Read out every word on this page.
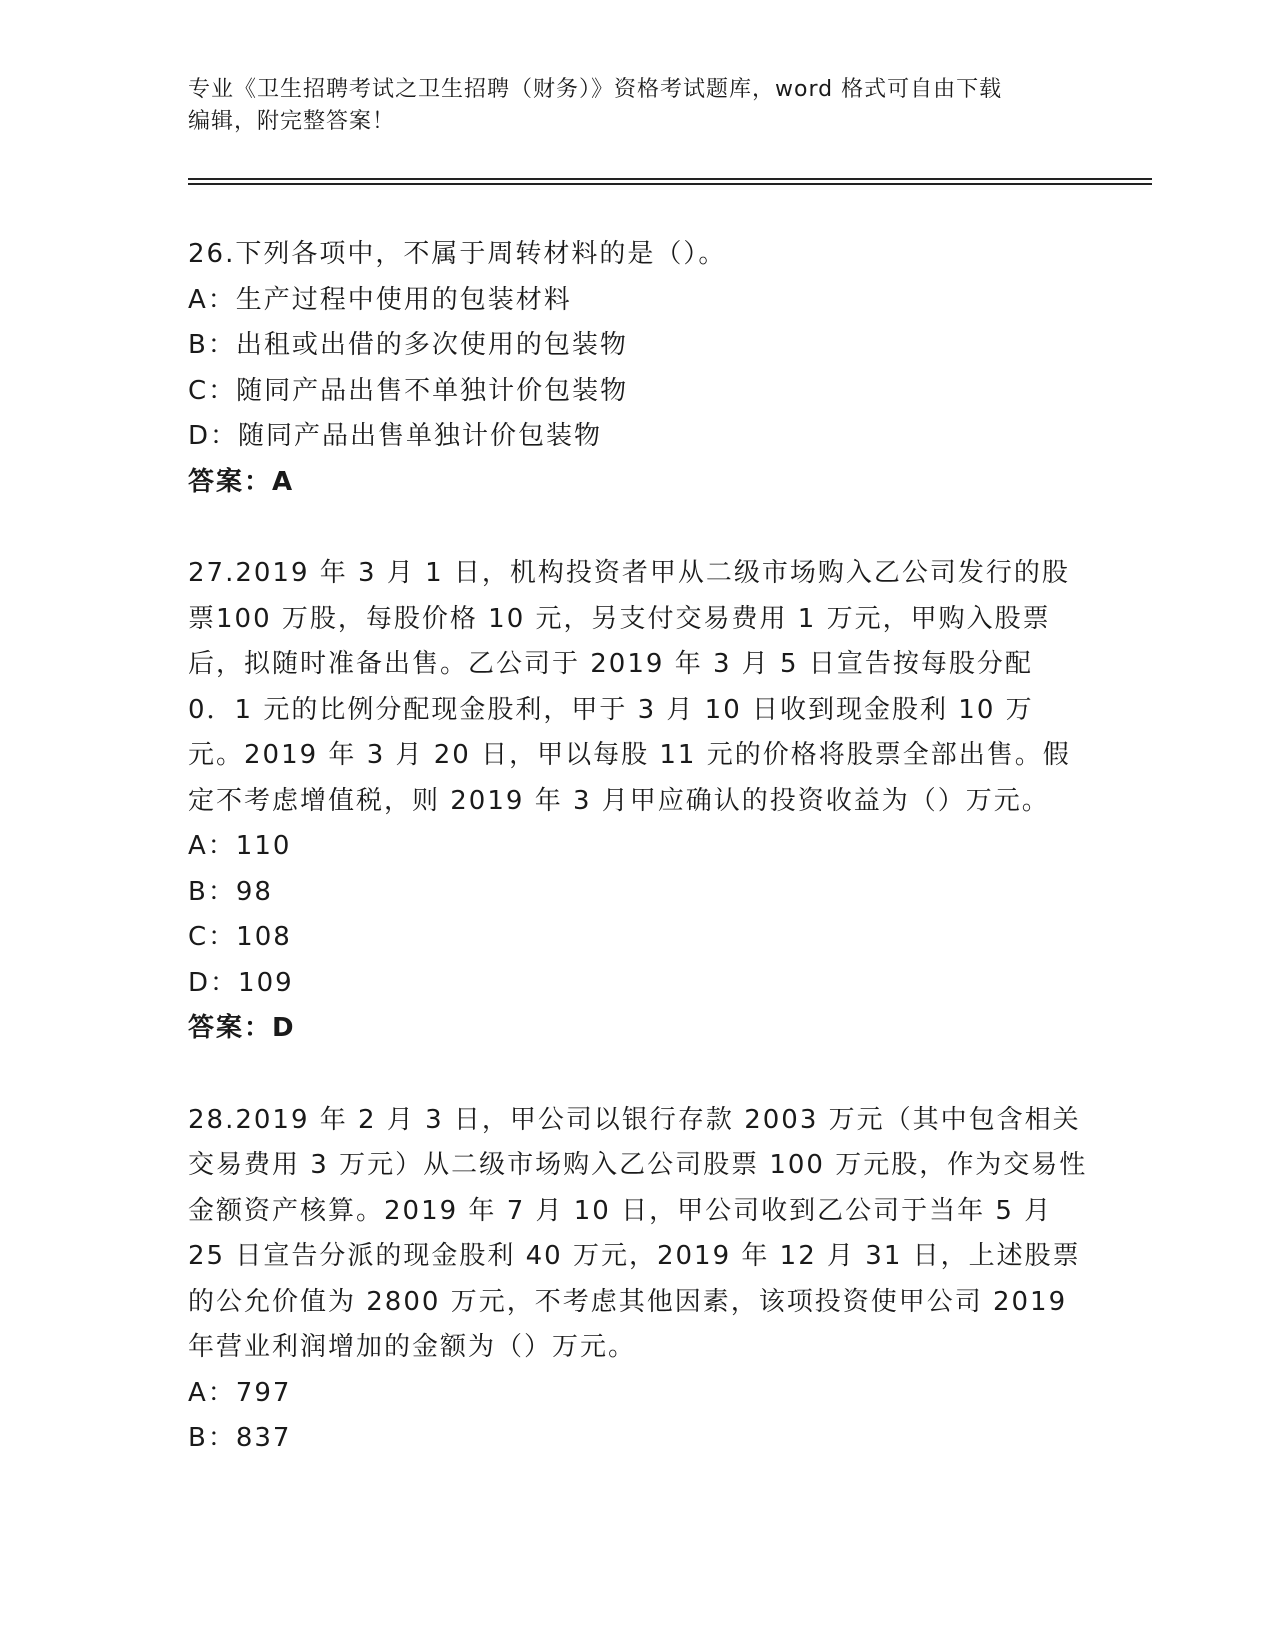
专业《卫生招聘考试之卫生招聘（财务）》资格考试题库，word 格式可自由下载
编辑，附完整答案！
26.下列各项中，不属于周转材料的是（）。
A：生产过程中使用的包装材料
B：出租或出借的多次使用的包装物
C：随同产品出售不单独计价包装物
D：随同产品出售单独计价包装物
答案：A
27.2019 年 3 月 1 日，机构投资者甲从二级市场购入乙公司发行的股票100 万股，每股价格 10 元，另支付交易费用 1 万元，甲购入股票后，拟随时准备出售。乙公司于 2019 年 3 月 5 日宣告按每股分配 0．1 元的比例分配现金股利，甲于 3 月 10 日收到现金股利 10 万元。2019 年 3 月 20 日，甲以每股 11 元的价格将股票全部出售。假定不考虑增值税，则 2019 年 3 月甲应确认的投资收益为（）万元。
A：110
B：98
C：108
D：109
答案：D
28.2019 年 2 月 3 日，甲公司以银行存款 2003 万元（其中包含相关交易费用 3 万元）从二级市场购入乙公司股票 100 万元股，作为交易性金额资产核算。2019 年 7 月 10 日，甲公司收到乙公司于当年 5 月 25 日宣告分派的现金股利 40 万元，2019 年 12 月 31 日，上述股票的公允价值为 2800 万元，不考虑其他因素，该项投资使甲公司 2019 年营业利润增加的金额为（）万元。
A：797
B：837
